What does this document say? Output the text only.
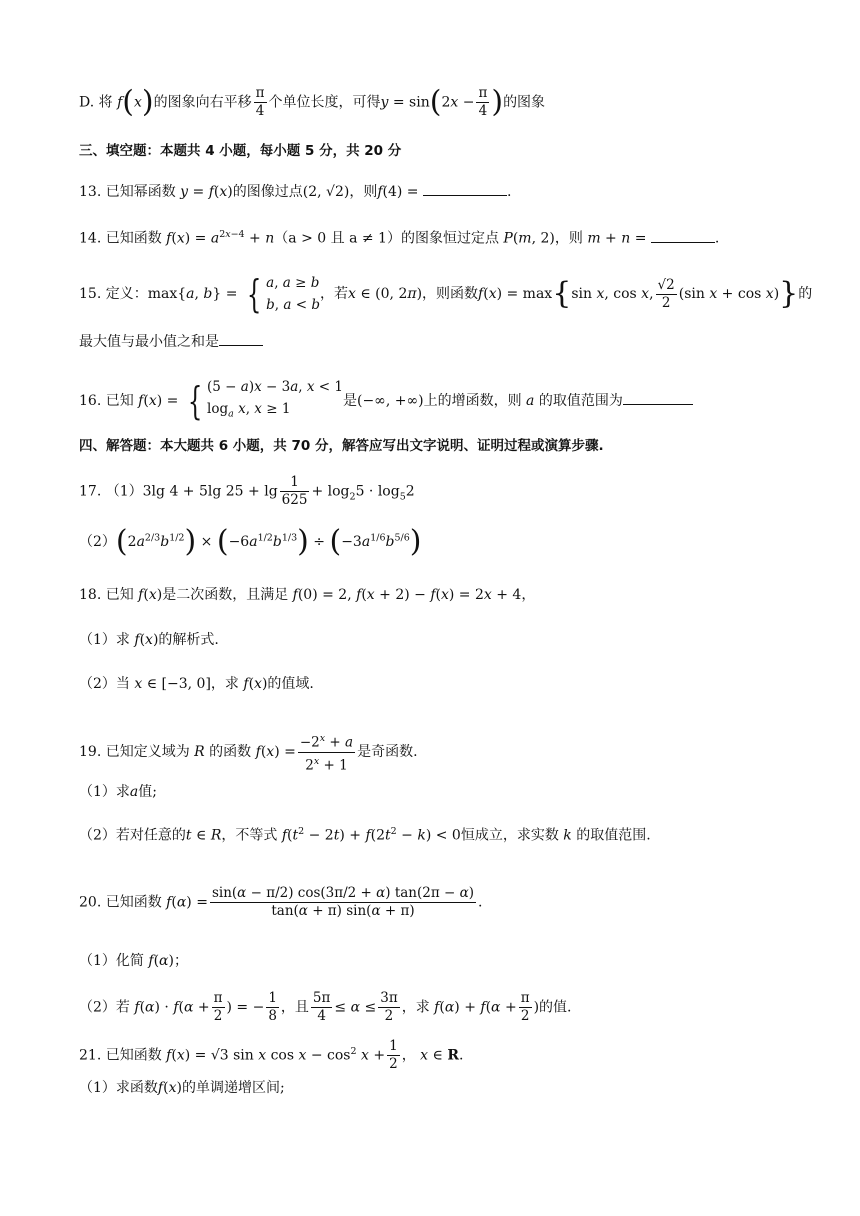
D. 将 f(x)的图象向右平移 $\frac{\pi}{4}$ 个单位长度，可得$y = \sin(2x - \frac{\pi}{4}$ )的图象
三、填空题：本题共 4 小题，每小题 5 分，共 20 分
13. 已知幂函数 y = f(x)的图像过点(2, √2)，则f(4) =	.
14. 已知函数 $f(x) = a^{2x-4} + n(a > 0$ 且 a ≠ 1）的图象恒过定点 P(m, 2)，则 m + n =	.
15. 定义：max{a, b} = { a, a ≥ b
b, a < b，若x ∈ (0, 2π)，则函数f(x) = max{sin x, cos x, $\frac{√2}{2} (\sin$ x + cos x)}的
最大值与最小值之和是
16. 已知 f(x) = { (5 − a)x − 3a, x < 1
$\log_a x$, x ≥ 1是(−∞, +∞)上的增函数，则 a 的取值范围为
四、解答题：本大题共 6 小题，共 70 分，解答应写出文字说明、证明过程或演算步骤.
17. （1）3lg 4 + 5lg $25 + \lg \frac{1}{625} + \log_25 \cdot \log_52$
$(2)(2a^{2/3}b^{1/2}) \times (-6a^{1/2}b^{1/3}) \div (-3a^{1/6}b^{5/6})$
18. 已知 f(x)是二次函数，且满足 f(0) = 2, f(x + 2) − f(x) = 2x + 4，
（1）求 f(x)的解析式.
（2）当 x ∈ [−3, 0]，求 f(x)的值域.
19. 已知定义域为 R 的函数 $f(x) = \frac{-2^x + a}{2^x + 1}$ 是奇函数.
（1）求a值;
（2）若对任意的t ∈ R，不等式 $f(t^2 - 2t) + f(2t^2 - k) < 0$恒成立，求实数 k 的取值范围.
20. 已知函数 $f(\alpha) = \frac{\sin(\alpha - \pi/2) \cos(3\pi/2 + \alpha) \tan(2\pi - \alpha)}{\tan(\alpha + \pi) \sin(\alpha + \pi)}$ .
（1）化简 f(α)；
（2）若 $f(\alpha) \cdot f(\alpha + \frac{\pi}{2}$ ) = − $\frac{1}{8}$ ，且 $\frac{5\pi}{4} \le \alpha \le \frac{3\pi}{2}$ ，求 $f(\alpha) + f(\alpha + \frac{\pi}{2}$ )的值.
21. 已知函数 f(x) = √3 sin x $\cos x - \cos^2 x + \frac{1}{2}$ ， x ∈ R.
（1）求函数f(x)的单调递增区间;
